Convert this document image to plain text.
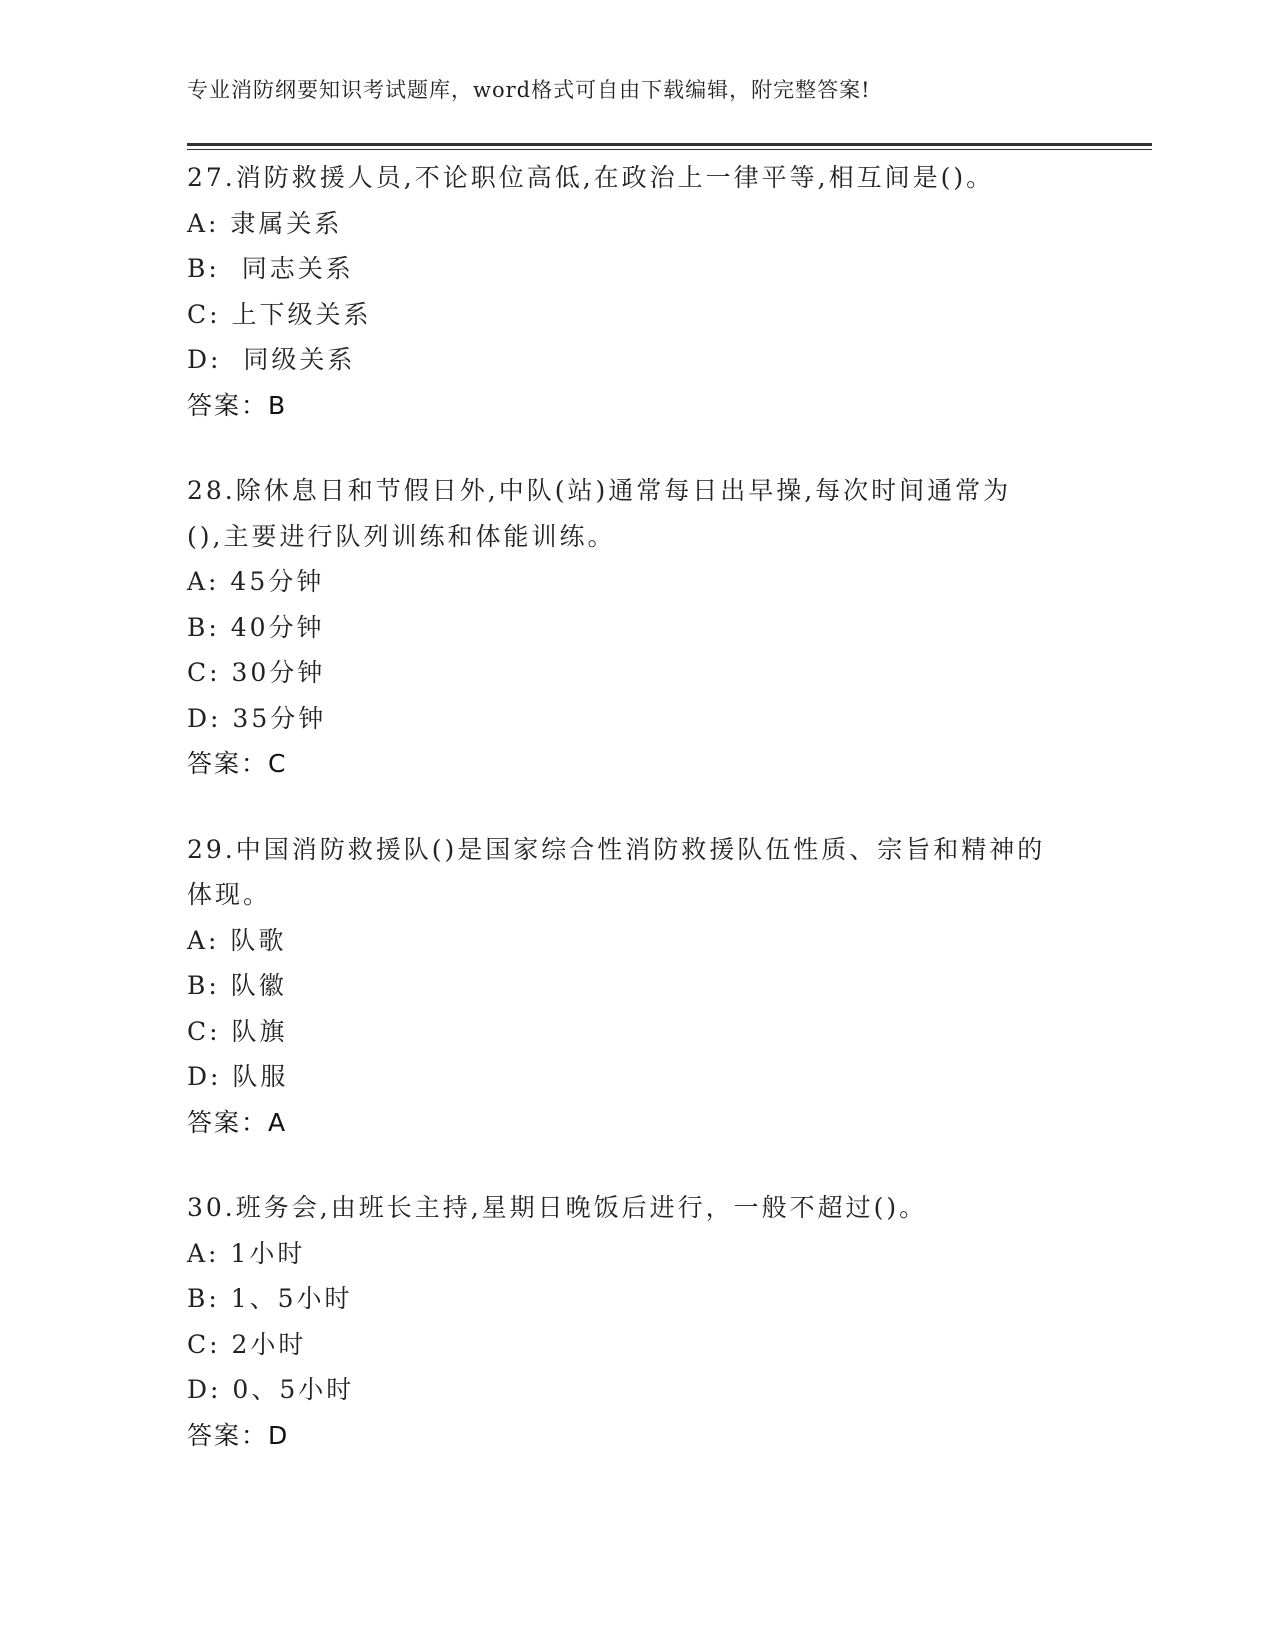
专业消防纲要知识考试题库，word格式可自由下载编辑，附完整答案!
27.消防救援人员,不论职位高低,在政治上一律平等,相互间是()。
A: 隶属关系
B:  同志关系
C: 上下级关系
D:  同级关系
答案：B
28.除休息日和节假日外,中队(站)通常每日出早操,每次时间通常为
(),主要进行队列训练和体能训练。
A: 45分钟
B: 40分钟
C: 30分钟
D: 35分钟
答案：C
29.中国消防救援队()是国家综合性消防救援队伍性质、宗旨和精神的
体现。
A: 队歌
B: 队徽
C: 队旗
D: 队服
答案：A
30.班务会,由班长主持,星期日晚饭后进行，一般不超过()。
A: 1小时
B: 1、5小时
C: 2小时
D: 0、5小时
答案：D
